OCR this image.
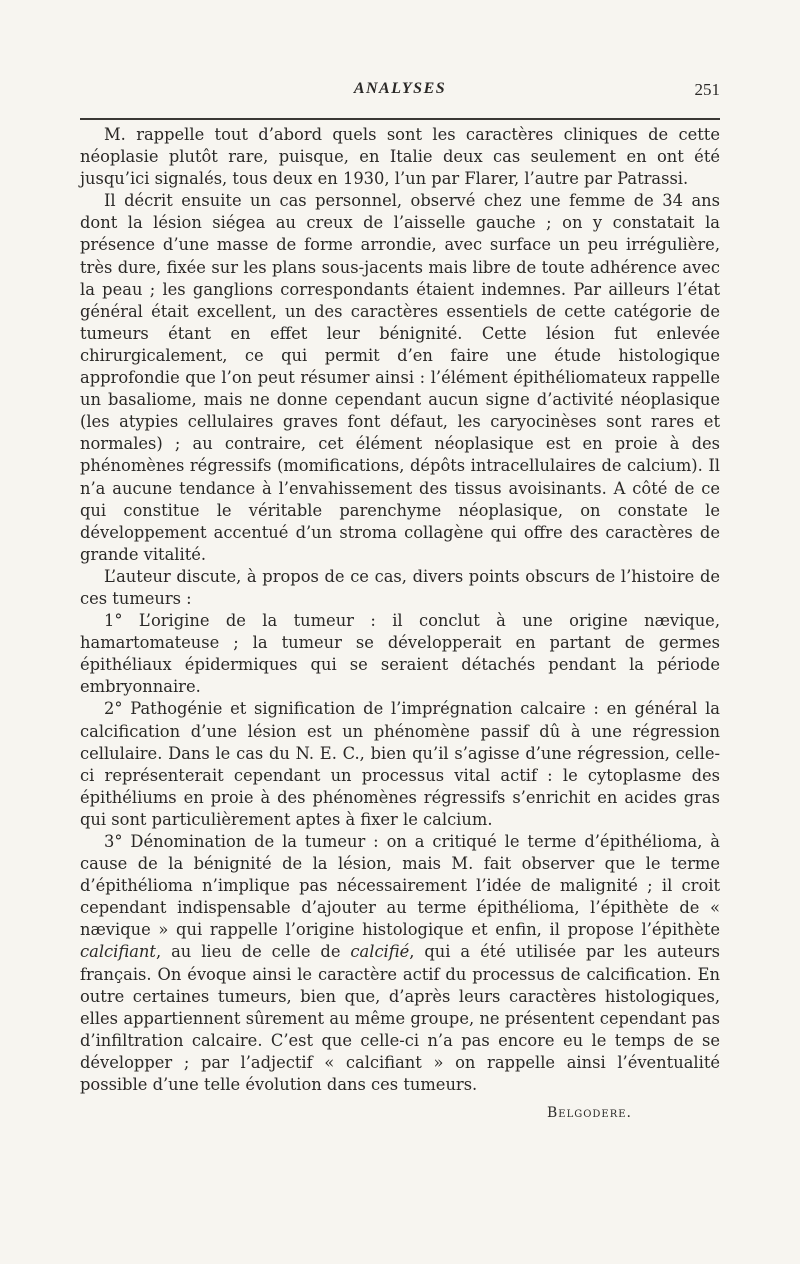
ANALYSES	251

M. rappelle tout d’abord quels sont les caractères cliniques de cette néoplasie plutôt rare, puisque, en Italie deux cas seulement en ont été jusqu’ici signalés, tous deux en 1930, l’un par Flarer, l’autre par Patrassi.

Il décrit ensuite un cas personnel, observé chez une femme de 34 ans dont la lésion siégea au creux de l’aisselle gauche ; on y constatait la présence d’une masse de forme arrondie, avec surface un peu irrégulière, très dure, fixée sur les plans sous-jacents mais libre de toute adhérence avec la peau ; les ganglions correspondants étaient indemnes. Par ailleurs l’état général était excellent, un des caractères essentiels de cette catégorie de tumeurs étant en effet leur bénignité. Cette lésion fut enlevée chirurgicalement, ce qui permit d’en faire une étude histologique approfondie que l’on peut résumer ainsi : l’élément épithéliomateux rappelle un basaliome, mais ne donne cependant aucun signe d’activité néoplasique (les atypies cellulaires graves font défaut, les caryocinèses sont rares et normales) ; au contraire, cet élément néoplasique est en proie à des phénomènes régressifs (momifications, dépôts intracellulaires de calcium). Il n’a aucune tendance à l’envahissement des tissus avoisinants. A côté de ce qui constitue le véritable parenchyme néoplasique, on constate le développement accentué d’un stroma collagène qui offre des caractères de grande vitalité.

L’auteur discute, à propos de ce cas, divers points obscurs de l’histoire de ces tumeurs :

1° L’origine de la tumeur : il conclut à une origine nævique, hamartomateuse ; la tumeur se développerait en partant de germes épithéliaux épidermiques qui se seraient détachés pendant la période embryonnaire.

2° Pathogénie et signification de l’imprégnation calcaire : en général la calcification d’une lésion est un phénomène passif dû à une régression cellulaire. Dans le cas du N. E. C., bien qu’il s’agisse d’une régression, celle-ci représenterait cependant un processus vital actif : le cytoplasme des épithéliums en proie à des phénomènes régressifs s’enrichit en acides gras qui sont particulièrement aptes à fixer le calcium.

3° Dénomination de la tumeur : on a critiqué le terme d’épithélioma, à cause de la bénignité de la lésion, mais M. fait observer que le terme d’épithélioma n’implique pas nécessairement l’idée de malignité ; il croit cependant indispensable d’ajouter au terme épithélioma, l’épithète de « nævique » qui rappelle l’origine histologique et enfin, il propose l’épithète calcifiant, au lieu de celle de calcifié, qui a été utilisée par les auteurs français. On évoque ainsi le caractère actif du processus de calcification. En outre certaines tumeurs, bien que, d’après leurs caractères histologiques, elles appartiennent sûrement au même groupe, ne présentent cependant pas d’infiltration calcaire. C’est que celle-ci n’a pas encore eu le temps de se développer ; par l’adjectif « calcifiant » on rappelle ainsi l’éventualité possible d’une telle évolution dans ces tumeurs.

Belgodere.
